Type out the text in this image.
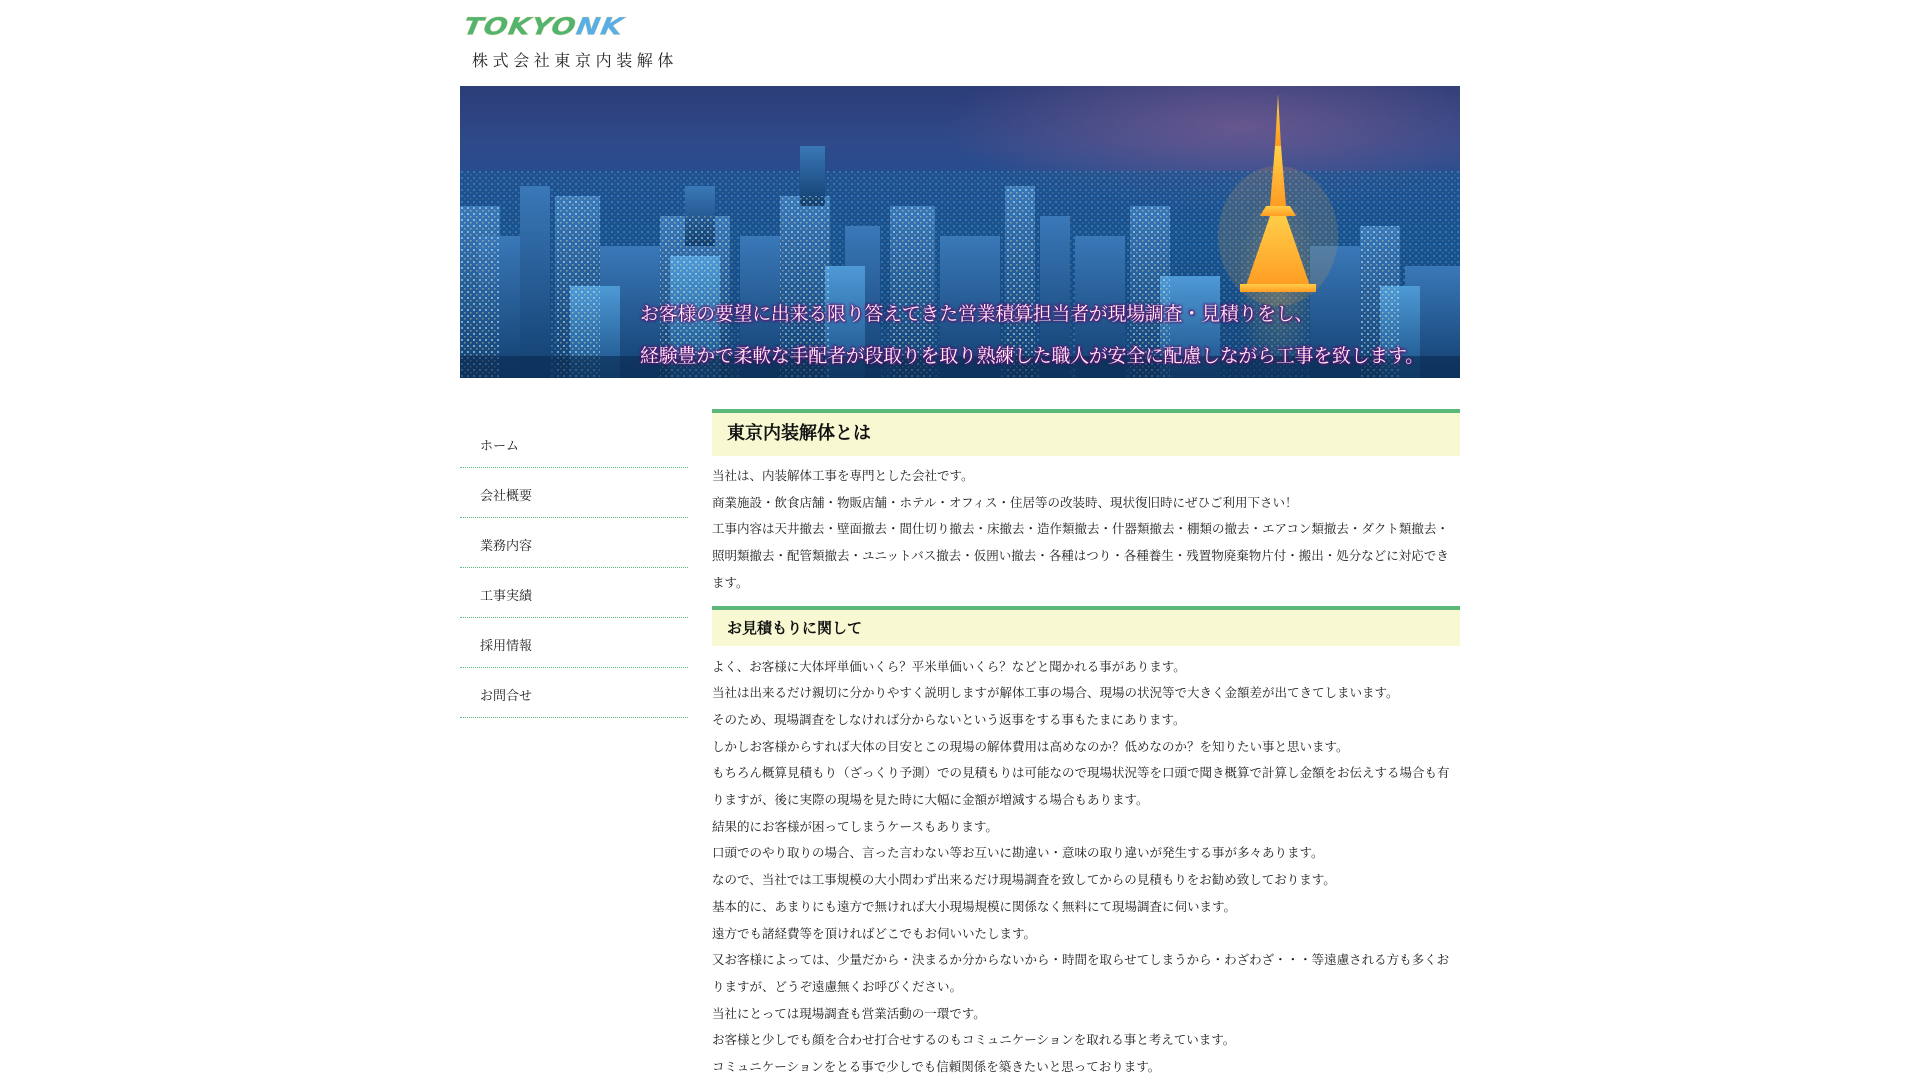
TOKYONK
株式会社東京内装解体
お客様の要望に出来る限り答えてきた営業積算担当者が現場調査・見積りをし、
経験豊かで柔軟な手配者が段取りを取り熟練した職人が安全に配慮しながら工事を致します。
ホーム
会社概要
業務内容
工事実績
採用情報
お問合せ
東京内装解体とは

当社は、内装解体工事を専門とした会社です。

商業施設・飲食店舗・物販店舗・ホテル・オフィス・住居等の改装時、現状復旧時にぜひご利用下さい！

工事内容は天井撤去・壁面撤去・間仕切り撤去・床撤去・造作類撤去・什器類撤去・棚類の撤去・エアコン類撤去・ダクト類撤去・照明類撤去・配管類撤去・ユニットバス撤去・仮囲い撤去・各種はつり・各種養生・残置物廃棄物片付・搬出・処分などに対応できます。

お見積もりに関して

よく、お客様に大体坪単価いくら？平米単価いくら？などと聞かれる事があります。

当社は出来るだけ親切に分かりやすく説明しますが解体工事の場合、現場の状況等で大きく金額差が出てきてしまいます。

そのため、現場調査をしなければ分からないという返事をする事もたまにあります。

しかしお客様からすれば大体の目安とこの現場の解体費用は高めなのか？低めなのか？を知りたい事と思います。

もちろん概算見積もり（ざっくり予測）での見積もりは可能なので現場状況等を口頭で聞き概算で計算し金額をお伝えする場合も有りますが、後に実際の現場を見た時に大幅に金額が増減する場合もあります。

結果的にお客様が困ってしまうケースもあります。

口頭でのやり取りの場合、言った言わない等お互いに勘違い・意味の取り違いが発生する事が多々あります。

なので、当社では工事規模の大小問わず出来るだけ現場調査を致してからの見積もりをお勧め致しております。

基本的に、あまりにも遠方で無ければ大小現場規模に関係なく無料にて現場調査に伺います。

遠方でも諸経費等を頂ければどこでもお伺いいたします。

又お客様によっては、少量だから・決まるか分からないから・時間を取らせてしまうから・わざわざ・・・等遠慮される方も多くおりますが、どうぞ遠慮無くお呼びください。

当社にとっては現場調査も営業活動の一環です。

お客様と少しでも顔を合わせ打合せするのもコミュニケーションを取れる事と考えています。

コミュニケーションをとる事で少しでも信頼関係を築きたいと思っております。
